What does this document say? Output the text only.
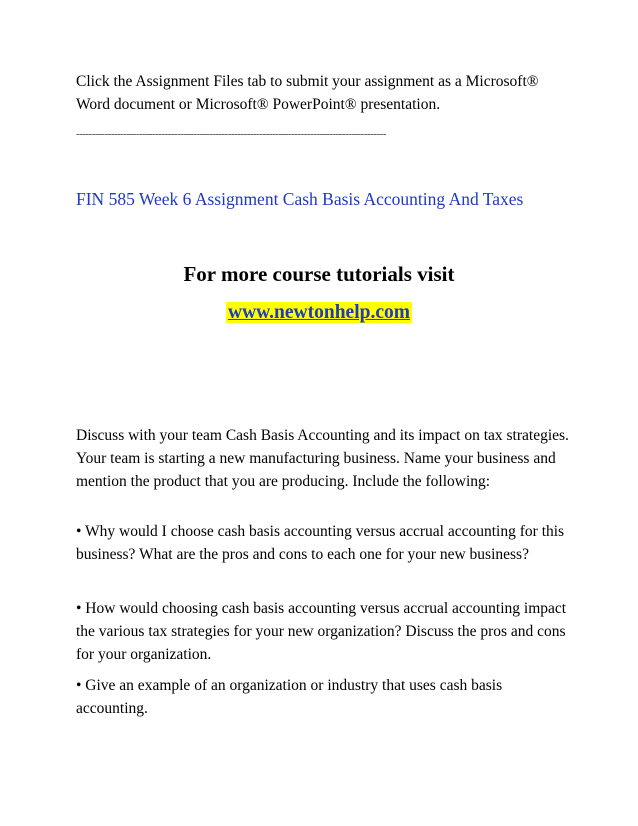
Click the Assignment Files tab to submit your assignment as a Microsoft® Word document or Microsoft® PowerPoint® presentation.

--------------------------------------------------------------------------------------------------
FIN 585 Week 6 Assignment Cash Basis Accounting And Taxes
For more course tutorials visit
www.newtonhelp.com

Discuss with your team Cash Basis Accounting and its impact on tax strategies. Your team is starting a new manufacturing business. Name your business and mention the product that you are producing. Include the following:

• Why would I choose cash basis accounting versus accrual accounting for this business? What are the pros and cons to each one for your new business?

• How would choosing cash basis accounting versus accrual accounting impact the various tax strategies for your new organization? Discuss the pros and cons for your organization.

• Give an example of an organization or industry that uses cash basis accounting.
